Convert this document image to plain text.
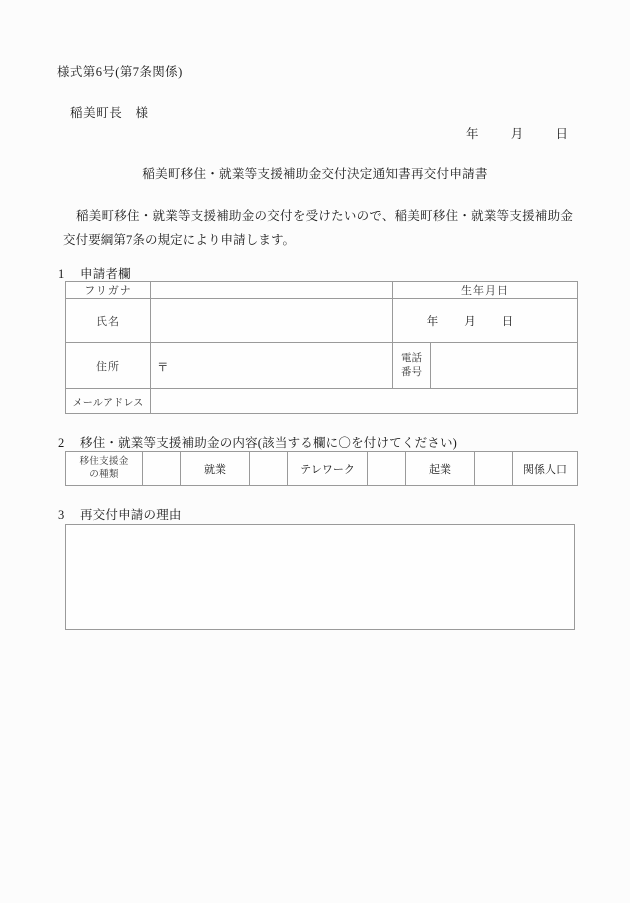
様式第6号(第7条関係)
稲美町長　様
年	月	日
稲美町移住・就業等支援補助金交付決定通知書再交付申請書
稲美町移住・就業等支援補助金の交付を受けたいので、稲美町移住・就業等支援補助金交付要綱第7条の規定により申請します。
1 申請者欄
フリガナ		生年月日	
氏名		年 月 日	

住所	〒	電話
番号	

メールアドレス			
2 移住・就業等支援補助金の内容(該当する欄に〇を付けてください)
移住支援金
の種類		就業		テレワーク		起業		関係人口
3 再交付申請の理由
